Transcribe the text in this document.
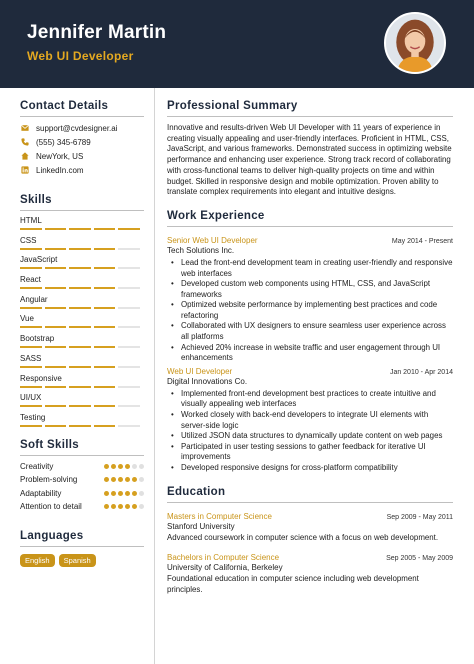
Jennifer Martin
Web UI Developer
Contact Details
support@cvdesigner.ai
(555) 345-6789
NewYork, US
LinkedIn.com
Skills
HTML
CSS
JavaScript
React
Angular
Vue
Bootstrap
SASS
Responsive
UI/UX
Testing
Soft Skills
Creativity
Problem-solving
Adaptability
Attention to detail
Languages
English	Spanish
Professional Summary

Innovative and results-driven Web UI Developer with 11 years of experience in creating visually appealing and user-friendly interfaces. Proficient in HTML, CSS, JavaScript, and various frameworks. Demonstrated success in optimizing website performance and enhancing user experience. Strong track record of collaborating with cross-functional teams to deliver high-quality projects on time and within budget. Skilled in responsive design and mobile optimization. Proven ability to translate complex requirements into elegant and intuitive designs.

Work Experience
Senior Web UI Developer	May 2014 - Present
Tech Solutions Inc.
• Lead the front-end development team in creating user-friendly and responsive web interfaces
• Developed custom web components using HTML, CSS, and JavaScript frameworks
• Optimized website performance by implementing best practices and code refactoring
• Collaborated with UX designers to ensure seamless user experience across all platforms
• Achieved 20% increase in website traffic and user engagement through UI enhancements
Web UI Developer	Jan 2010 - Apr 2014
Digital Innovations Co.
• Implemented front-end development best practices to create intuitive and visually appealing web interfaces
• Worked closely with back-end developers to integrate UI elements with server-side logic
• Utilized JSON data structures to dynamically update content on web pages
• Participated in user testing sessions to gather feedback for iterative UI improvements
• Developed responsive designs for cross-platform compatibility
Education
Masters in Computer Science	Sep 2009 - May 2011
Stanford University

Advanced coursework in computer science with a focus on web development.

Bachelors in Computer Science	Sep 2005 - May 2009
University of California, Berkeley

Foundational education in computer science including web development principles.
